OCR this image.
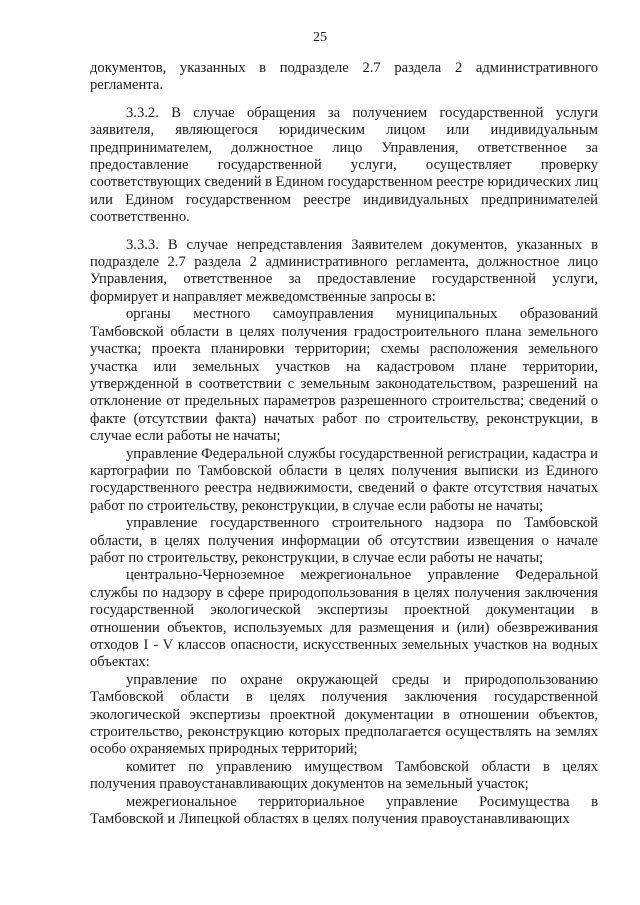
25

документов, указанных в подразделе 2.7 раздела 2 административного регламента.

3.3.2. В случае обращения за получением государственной услуги заявителя, являющегося юридическим лицом или индивидуальным предпринимателем, должностное лицо Управления, ответственное за предоставление государственной услуги, осуществляет проверку соответствующих сведений в Едином государственном реестре юридических лиц или Едином государственном реестре индивидуальных предпринимателей соответственно.

3.3.3. В случае непредставления Заявителем документов, указанных в подразделе 2.7 раздела 2 административного регламента, должностное лицо Управления, ответственное за предоставление государственной услуги, формирует и направляет межведомственные запросы в:

органы местного самоуправления муниципальных образований Тамбовской области в целях получения градостроительного плана земельного участка; проекта планировки территории; схемы расположения земельного участка или земельных участков на кадастровом плане территории, утвержденной в соответствии с земельным законодательством, разрешений на отклонение от предельных параметров разрешенного строительства; сведений о факте (отсутствии факта) начатых работ по строительству, реконструкции, в случае если работы не начаты;

управление Федеральной службы государственной регистрации, кадастра и картографии по Тамбовской области в целях получения выписки из Единого государственного реестра недвижимости, сведений о факте отсутствия начатых работ по строительству, реконструкции, в случае если работы не начаты;

управление государственного строительного надзора по Тамбовской области, в целях получения информации об отсутствии извещения о начале работ по строительству, реконструкции, в случае если работы не начаты;

центрально-Черноземное межрегиональное управление Федеральной службы по надзору в сфере природопользования в целях получения заключения государственной экологической экспертизы проектной документации в отношении объектов, используемых для размещения и (или) обезвреживания отходов I - V классов опасности, искусственных земельных участков на водных объектах:

управление по охране окружающей среды и природопользованию Тамбовской области в целях получения заключения государственной экологической экспертизы проектной документации в отношении объектов, строительство, реконструкцию которых предполагается осуществлять на землях особо охраняемых природных территорий;

комитет по управлению имуществом Тамбовской области в целях получения правоустанавливающих документов на земельный участок;

межрегиональное территориальное управление Росимущества в Тамбовской и Липецкой областях в целях получения правоустанавливающих
